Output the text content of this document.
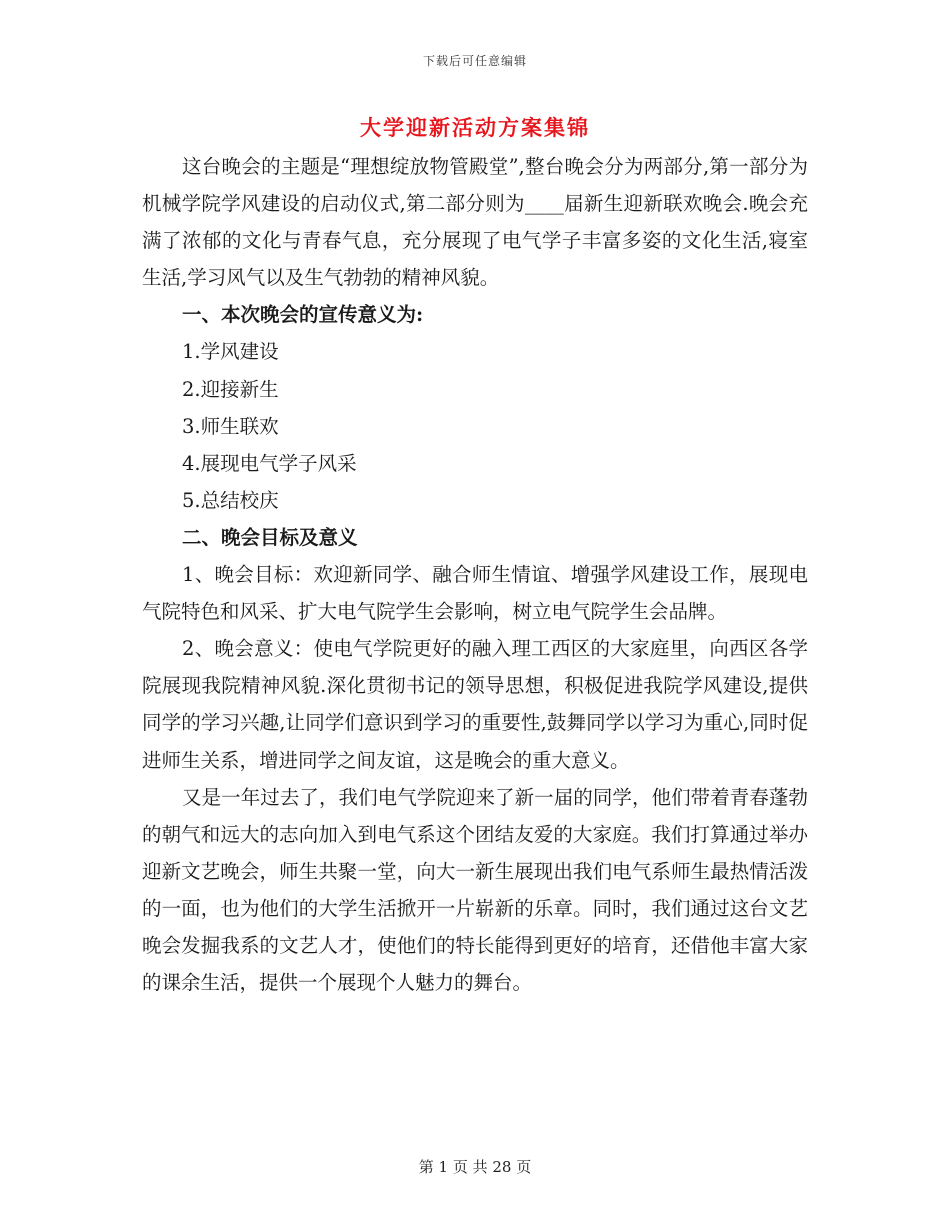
下载后可任意编辑
大学迎新活动方案集锦

这台晚会的主题是“理想绽放物管殿堂”,整台晚会分为两部分,第一部分为机械学院学风建设的启动仪式,第二部分则为____届新生迎新联欢晚会.晚会充满了浓郁的文化与青春气息，充分展现了电气学子丰富多姿的文化生活,寝室生活,学习风气以及生气勃勃的精神风貌。

一、本次晚会的宣传意义为:

1.学风建设

2.迎接新生

3.师生联欢

4.展现电气学子风采

5.总结校庆

二、晚会目标及意义

1、晚会目标：欢迎新同学、融合师生情谊、增强学风建设工作，展现电气院特色和风采、扩大电气院学生会影响，树立电气院学生会品牌。

2、晚会意义：使电气学院更好的融入理工西区的大家庭里，向西区各学院展现我院精神风貌.深化贯彻书记的领导思想，积极促进我院学风建设,提供同学的学习兴趣,让同学们意识到学习的重要性,鼓舞同学以学习为重心,同时促进师生关系，增进同学之间友谊，这是晚会的重大意义。

又是一年过去了，我们电气学院迎来了新一届的同学，他们带着青春蓬勃的朝气和远大的志向加入到电气系这个团结友爱的大家庭。我们打算通过举办迎新文艺晚会，师生共聚一堂，向大一新生展现出我们电气系师生最热情活泼的一面，也为他们的大学生活掀开一片崭新的乐章。同时，我们通过这台文艺晚会发掘我系的文艺人才，使他们的特长能得到更好的培育，还借他丰富大家的课余生活，提供一个展现个人魅力的舞台。

第 1 页 共 28 页
